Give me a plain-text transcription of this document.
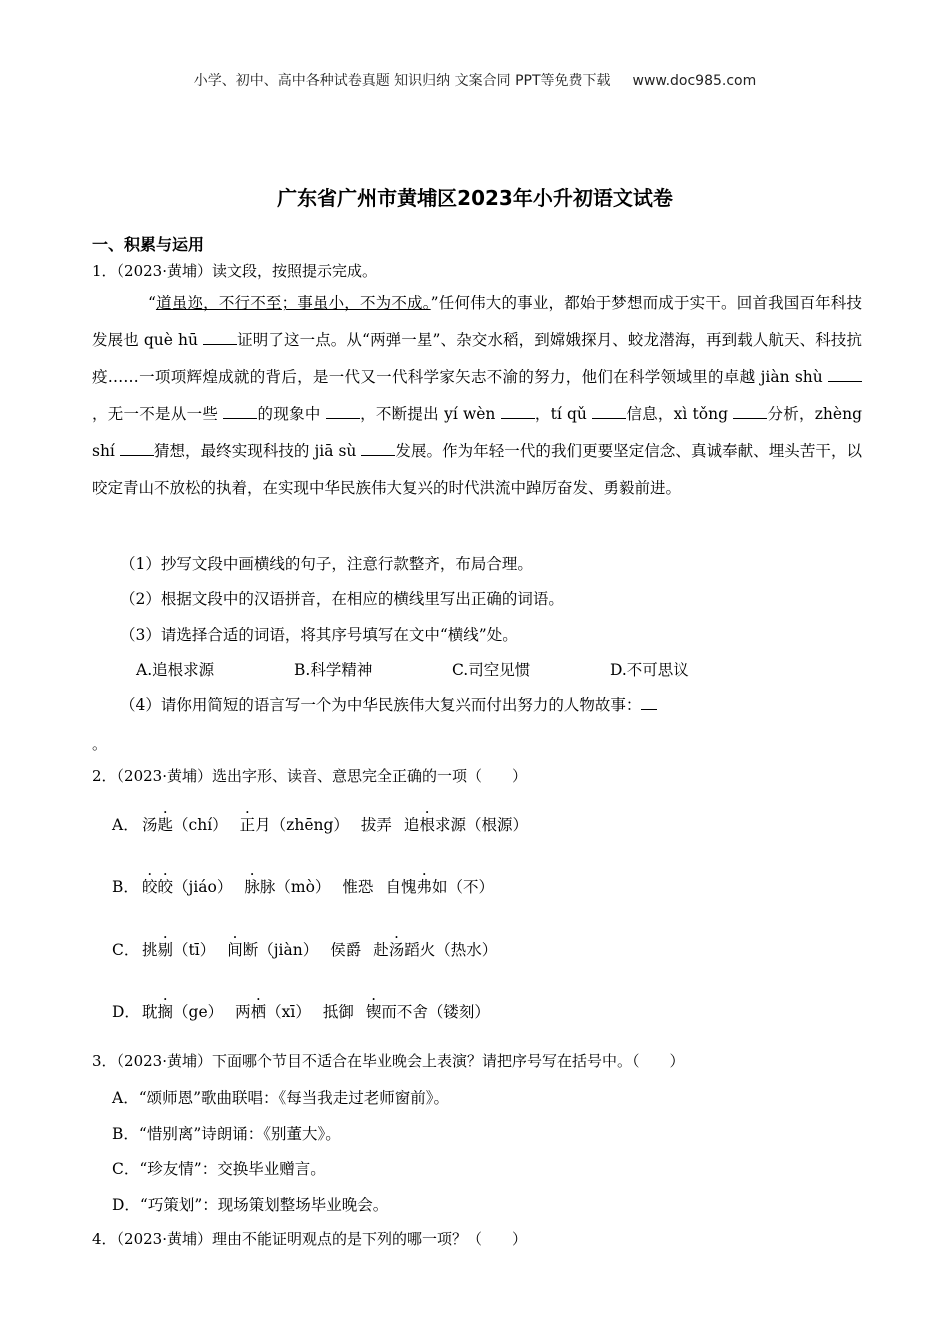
小学、初中、高中各种试卷真题 知识归纳 文案合同 PPT等免费下载 www.doc985.com
广东省广州市黄埔区2023年小升初语文试卷
一、积累与运用
1．（2023·黄埔）读文段，按照提示完成。
“道虽迩，不行不至；事虽小，不为不成。”任何伟大的事业，都始于梦想而成于实干。回首我国百年科技发展也 què hū 证明了这一点。从“两弹一星”、杂交水稻，到嫦娥探月、蛟龙潜海，再到载人航天、科技抗疫……一项项辉煌成就的背后，是一代又一代科学家矢志不渝的努力，他们在科学领域里的卓越 jiàn shù ，无一不是从一些 的现象中 ，不断提出 yí wèn ，tí qǔ 信息，xì tǒng 分析，zhèng shí 猜想，最终实现科技的 jiā sù 发展。作为年轻一代的我们更要坚定信念、真诚奉献、埋头苦干，以咬定青山不放松的执着，在实现中华民族伟大复兴的时代洪流中踔厉奋发、勇毅前进。
（1）抄写文段中画横线的句子，注意行款整齐，布局合理。
（2）根据文段中的汉语拼音，在相应的横线里写出正确的词语。
（3）请选择合适的词语，将其序号填写在文中“横线”处。
A.追根求源	B.科学精神	C.司空见惯	D.不可思议
（4）请你用简短的语言写一个为中华民族伟大复兴而付出努力的人物故事：
。
2．（2023·黄埔）选出字形、读音、意思完全正确的一项（　　）
A． 汤匙（chí） 正月（zhēng） 拔弄 追根求源（根源）
B． 皎皎（jiáo） 脉脉（mò） 惟恐 自愧弗如（不）
C． 挑剔（tī） 间断（jiàn） 侯爵 赴汤蹈火（热水）
D． 耽搁（ge） 两栖（xī） 抵御 锲而不舍（镂刻）
3．（2023·黄埔）下面哪个节目不适合在毕业晚会上表演？请把序号写在括号中。（　　）
A．“颂师恩”歌曲联唱：《每当我走过老师窗前》。
B．“惜别离”诗朗诵：《别董大》。
C．“珍友情”：交换毕业赠言。
D．“巧策划”：现场策划整场毕业晚会。
4．（2023·黄埔）理由不能证明观点的是下列的哪一项？（　　）
